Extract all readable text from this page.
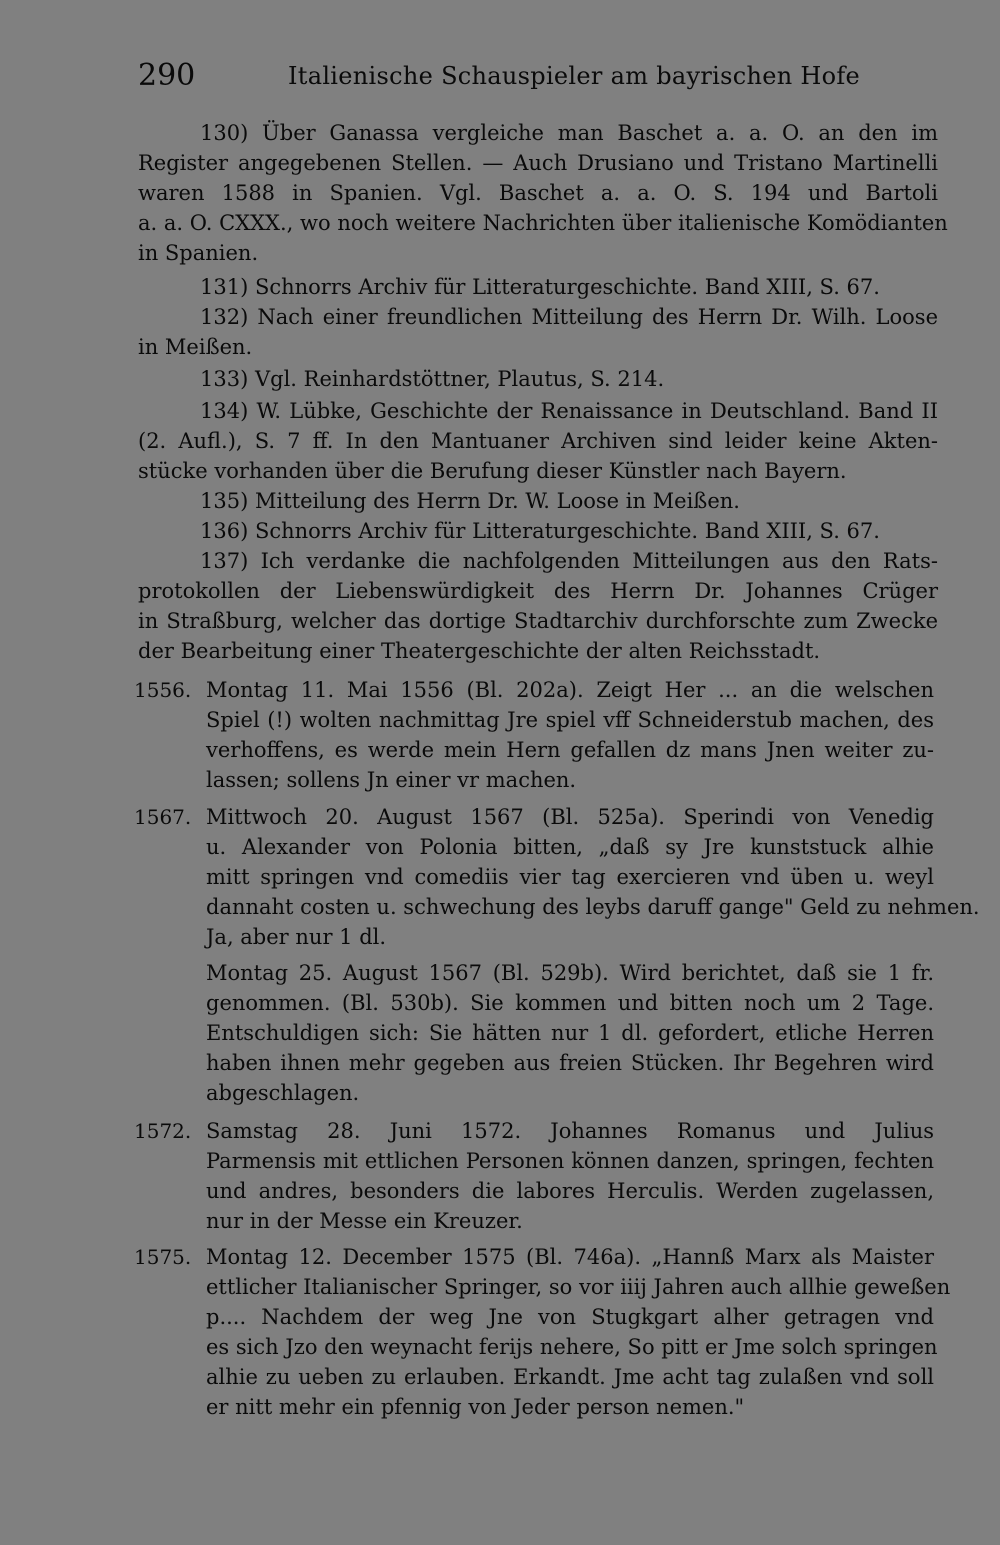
290	Italienische Schauspieler am bayrischen Hofe
130) Über Ganassa vergleiche man Baschet a. a. O. an den im
Register angegebenen Stellen. — Auch Drusiano und Tristano Martinelli
waren 1588 in Spanien. Vgl. Baschet a. a. O. S. 194 und Bartoli
a. a. O. CXXX., wo noch weitere Nachrichten über italienische Komödianten
in Spanien.
131) Schnorrs Archiv für Litteraturgeschichte. Band XIII, S. 67.
132) Nach einer freundlichen Mitteilung des Herrn Dr. Wilh. Loose
in Meißen.
133) Vgl. Reinhardstöttner, Plautus, S. 214.
134) W. Lübke, Geschichte der Renaissance in Deutschland. Band II
(2. Aufl.), S. 7 ff. In den Mantuaner Archiven sind leider keine Akten-
stücke vorhanden über die Berufung dieser Künstler nach Bayern.
135) Mitteilung des Herrn Dr. W. Loose in Meißen.
136) Schnorrs Archiv für Litteraturgeschichte. Band XIII, S. 67.
137) Ich verdanke die nachfolgenden Mitteilungen aus den Rats-
protokollen der Liebenswürdigkeit des Herrn Dr. Johannes Crüger
in Straßburg, welcher das dortige Stadtarchiv durchforschte zum Zwecke
der Bearbeitung einer Theatergeschichte der alten Reichsstadt.
1556. Montag 11. Mai 1556 (Bl. 202a). Zeigt Her ... an die welschen
Spiel (!) wolten nachmittag Jre spiel vff Schneiderstub machen, des
verhoffens, es werde mein Hern gefallen dz mans Jnen weiter zu-
lassen; sollens Jn einer vr machen.
1567. Mittwoch 20. August 1567 (Bl. 525a). Sperindi von Venedig
u. Alexander von Polonia bitten, „daß sy Jre kunststuck alhie
mitt springen vnd comediis vier tag exercieren vnd üben u. weyl
dannaht costen u. schwechung des leybs daruff gange" Geld zu nehmen.
Ja, aber nur 1 dl.
Montag 25. August 1567 (Bl. 529b). Wird berichtet, daß sie 1 fr.
genommen. (Bl. 530b). Sie kommen und bitten noch um 2 Tage.
Entschuldigen sich: Sie hätten nur 1 dl. gefordert, etliche Herren
haben ihnen mehr gegeben aus freien Stücken. Ihr Begehren wird
abgeschlagen.
1572. Samstag 28. Juni 1572. Johannes Romanus und Julius
Parmensis mit ettlichen Personen können danzen, springen, fechten
und andres, besonders die labores Herculis. Werden zugelassen,
nur in der Messe ein Kreuzer.
1575. Montag 12. December 1575 (Bl. 746a). „Hannß Marx als Maister
ettlicher Italianischer Springer, so vor iiij Jahren auch allhie geweßen
p.... Nachdem der weg Jne von Stugkgart alher getragen vnd
es sich Jzo den weynacht ferijs nehere, So pitt er Jme solch springen
alhie zu ueben zu erlauben. Erkandt. Jme acht tag zulaßen vnd soll
er nitt mehr ein pfennig von Jeder person nemen."
